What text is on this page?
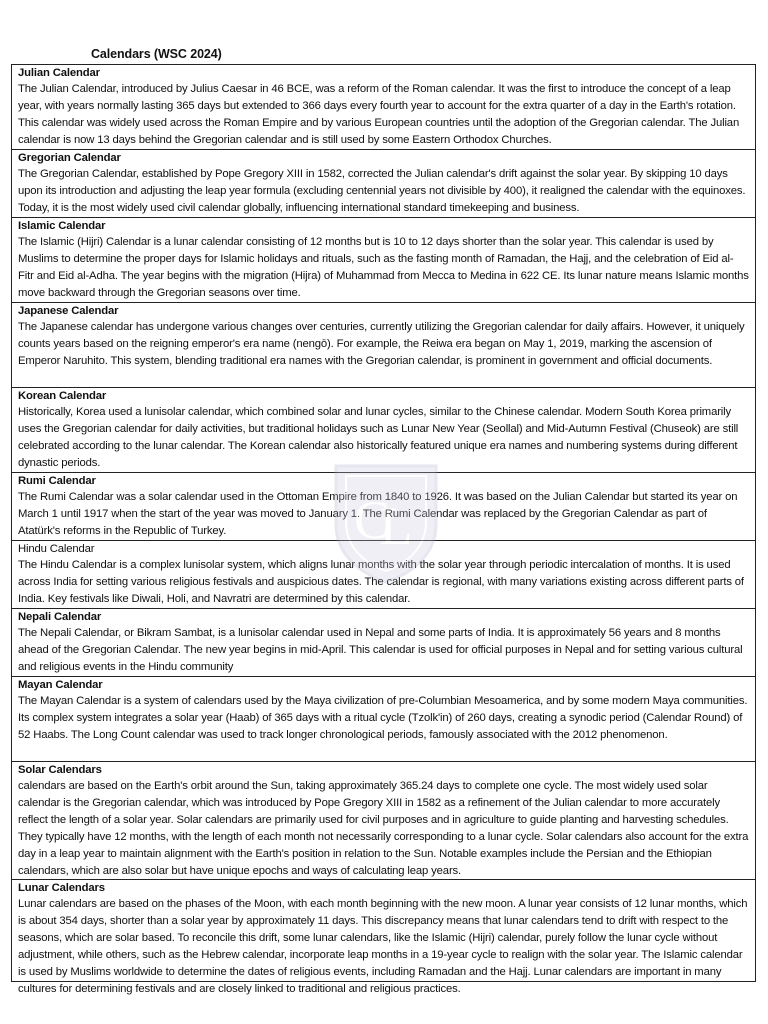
Calendars (WSC 2024)
Julian Calendar
The Julian Calendar, introduced by Julius Caesar in 46 BCE, was a reform of the Roman calendar. It was the first to introduce the concept of a leap year, with years normally lasting 365 days but extended to 366 days every fourth year to account for the extra quarter of a day in the Earth's rotation. This calendar was widely used across the Roman Empire and by various European countries until the adoption of the Gregorian calendar. The Julian calendar is now 13 days behind the Gregorian calendar and is still used by some Eastern Orthodox Churches.
Gregorian Calendar
The Gregorian Calendar, established by Pope Gregory XIII in 1582, corrected the Julian calendar's drift against the solar year. By skipping 10 days upon its introduction and adjusting the leap year formula (excluding centennial years not divisible by 400), it realigned the calendar with the equinoxes. Today, it is the most widely used civil calendar globally, influencing international standard timekeeping and business.
Islamic Calendar
The Islamic (Hijri) Calendar is a lunar calendar consisting of 12 months but is 10 to 12 days shorter than the solar year. This calendar is used by Muslims to determine the proper days for Islamic holidays and rituals, such as the fasting month of Ramadan, the Hajj, and the celebration of Eid al-Fitr and Eid al-Adha. The year begins with the migration (Hijra) of Muhammad from Mecca to Medina in 622 CE. Its lunar nature means Islamic months move backward through the Gregorian seasons over time.
Japanese Calendar
The Japanese calendar has undergone various changes over centuries, currently utilizing the Gregorian calendar for daily affairs. However, it uniquely counts years based on the reigning emperor's era name (nengō). For example, the Reiwa era began on May 1, 2019, marking the ascension of Emperor Naruhito. This system, blending traditional era names with the Gregorian calendar, is prominent in government and official documents.
Korean Calendar
Historically, Korea used a lunisolar calendar, which combined solar and lunar cycles, similar to the Chinese calendar. Modern South Korea primarily uses the Gregorian calendar for daily activities, but traditional holidays such as Lunar New Year (Seollal) and Mid-Autumn Festival (Chuseok) are still celebrated according to the lunar calendar. The Korean calendar also historically featured unique era names and numbering systems during different dynastic periods.
Rumi Calendar
The Rumi Calendar was a solar calendar used in the Ottoman Empire from 1840 to 1926. It was based on the Julian Calendar but started its year on March 1 until 1917 when the start of the year was moved to January 1. The Rumi Calendar was replaced by the Gregorian Calendar as part of Atatürk's reforms in the Republic of Turkey.
Hindu Calendar
The Hindu Calendar is a complex lunisolar system, which aligns lunar months with the solar year through periodic intercalation of months. It is used across India for setting various religious festivals and auspicious dates. The calendar is regional, with many variations existing across different parts of India. Key festivals like Diwali, Holi, and Navratri are determined by this calendar.
Nepali Calendar
The Nepali Calendar, or Bikram Sambat, is a lunisolar calendar used in Nepal and some parts of India. It is approximately 56 years and 8 months ahead of the Gregorian Calendar. The new year begins in mid-April. This calendar is used for official purposes in Nepal and for setting various cultural and religious events in the Hindu community
Mayan Calendar
The Mayan Calendar is a system of calendars used by the Maya civilization of pre-Columbian Mesoamerica, and by some modern Maya communities. Its complex system integrates a solar year (Haab) of 365 days with a ritual cycle (Tzolk'in) of 260 days, creating a synodic period (Calendar Round) of 52 Haabs. The Long Count calendar was used to track longer chronological periods, famously associated with the 2012 phenomenon.
Solar Calendars
calendars are based on the Earth's orbit around the Sun, taking approximately 365.24 days to complete one cycle. The most widely used solar calendar is the Gregorian calendar, which was introduced by Pope Gregory XIII in 1582 as a refinement of the Julian calendar to more accurately reflect the length of a solar year. Solar calendars are primarily used for civil purposes and in agriculture to guide planting and harvesting schedules. They typically have 12 months, with the length of each month not necessarily corresponding to a lunar cycle. Solar calendars also account for the extra day in a leap year to maintain alignment with the Earth's position in relation to the Sun. Notable examples include the Persian and the Ethiopian calendars, which are also solar but have unique epochs and ways of calculating leap years.
Lunar Calendars
Lunar calendars are based on the phases of the Moon, with each month beginning with the new moon. A lunar year consists of 12 lunar months, which is about 354 days, shorter than a solar year by approximately 11 days. This discrepancy means that lunar calendars tend to drift with respect to the seasons, which are solar based. To reconcile this drift, some lunar calendars, like the Islamic (Hijri) calendar, purely follow the lunar cycle without adjustment, while others, such as the Hebrew calendar, incorporate leap months in a 19-year cycle to realign with the solar year. The Islamic calendar is used by Muslims worldwide to determine the dates of religious events, including Ramadan and the Hajj. Lunar calendars are important in many cultures for determining festivals and are closely linked to traditional and religious practices.
C
L
